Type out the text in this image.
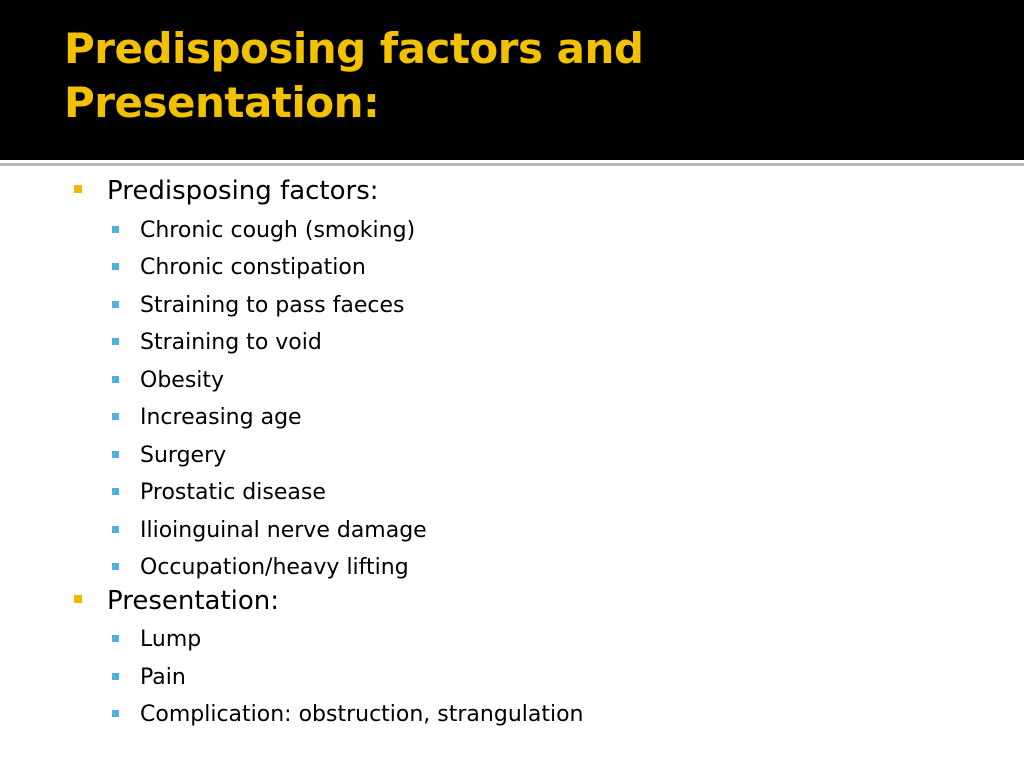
Predisposing factors and Presentation:
Predisposing factors:
Chronic cough (smoking)
Chronic constipation
Straining to pass faeces
Straining to void
Obesity
Increasing age
Surgery
Prostatic disease
Ilioinguinal nerve damage
Occupation/heavy lifting
Presentation:
Lump
Pain
Complication: obstruction, strangulation
